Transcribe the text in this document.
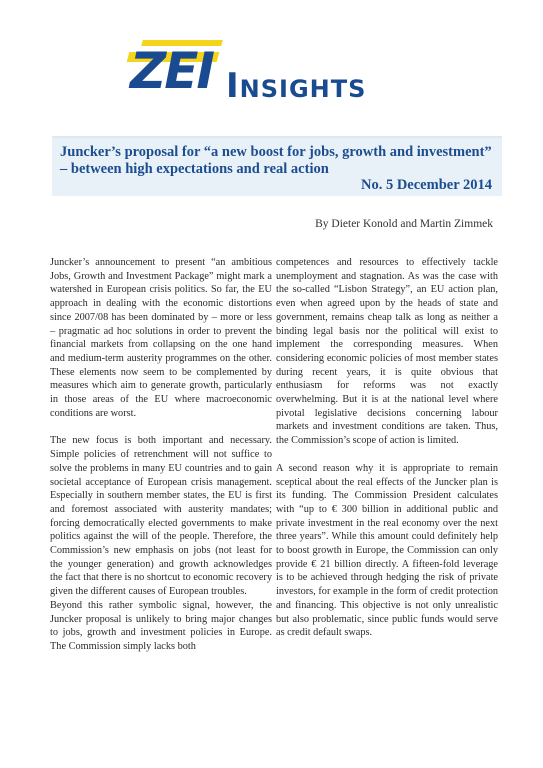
ZEI Insights
Juncker’s proposal for “a new boost for jobs, growth and investment” – between high expectations and real action
No. 5 December 2014
By Dieter Konold and Martin Zimmek

Juncker’s announcement to present “an ambitious Jobs, Growth and Investment Package” might mark a watershed in European crisis politics. So far, the EU approach in dealing with the economic distortions since 2007/08 has been dominated by – more or less – pragmatic ad hoc solutions in order to prevent the financial markets from collapsing on the one hand and medium-term austerity programmes on the other. These elements now seem to be complemented by measures which aim to generate growth, particularly in those areas of the EU where macroeconomic conditions are worst.

The new focus is both important and necessary. Simple policies of retrenchment will not suffice to solve the problems in many EU countries and to gain societal acceptance of European crisis management. Especially in southern member states, the EU is first and foremost associated with austerity mandates; forcing democratically elected governments to make politics against the will of the people. Therefore, the Commission’s new emphasis on jobs (not least for the younger generation) and growth acknowledges the fact that there is no shortcut to economic recovery given the different causes of European troubles.

Beyond this rather symbolic signal, however, the Juncker proposal is unlikely to bring major changes to jobs, growth and investment policies in Europe. The Commission simply lacks both

competences and resources to effectively tackle unemployment and stagnation. As was the case with the so-called “Lisbon Strategy”, an EU action plan, even when agreed upon by the heads of state and government, remains cheap talk as long as neither a binding legal basis nor the political will exist to implement the corresponding measures. When considering economic policies of most member states during recent years, it is quite obvious that enthusiasm for reforms was not exactly overwhelming. But it is at the national level where pivotal legislative decisions concerning labour markets and investment conditions are taken. Thus, the Commission’s scope of action is limited.

A second reason why it is appropriate to remain sceptical about the real effects of the Juncker plan is its funding. The Commission President calculates with “up to € 300 billion in additional public and private investment in the real economy over the next three years”. While this amount could definitely help to boost growth in Europe, the Commission can only provide € 21 billion directly. A fifteen-fold leverage is to be achieved through hedging the risk of private investors, for example in the form of credit protection and financing. This objective is not only unrealistic but also problematic, since public funds would serve as credit default swaps.
